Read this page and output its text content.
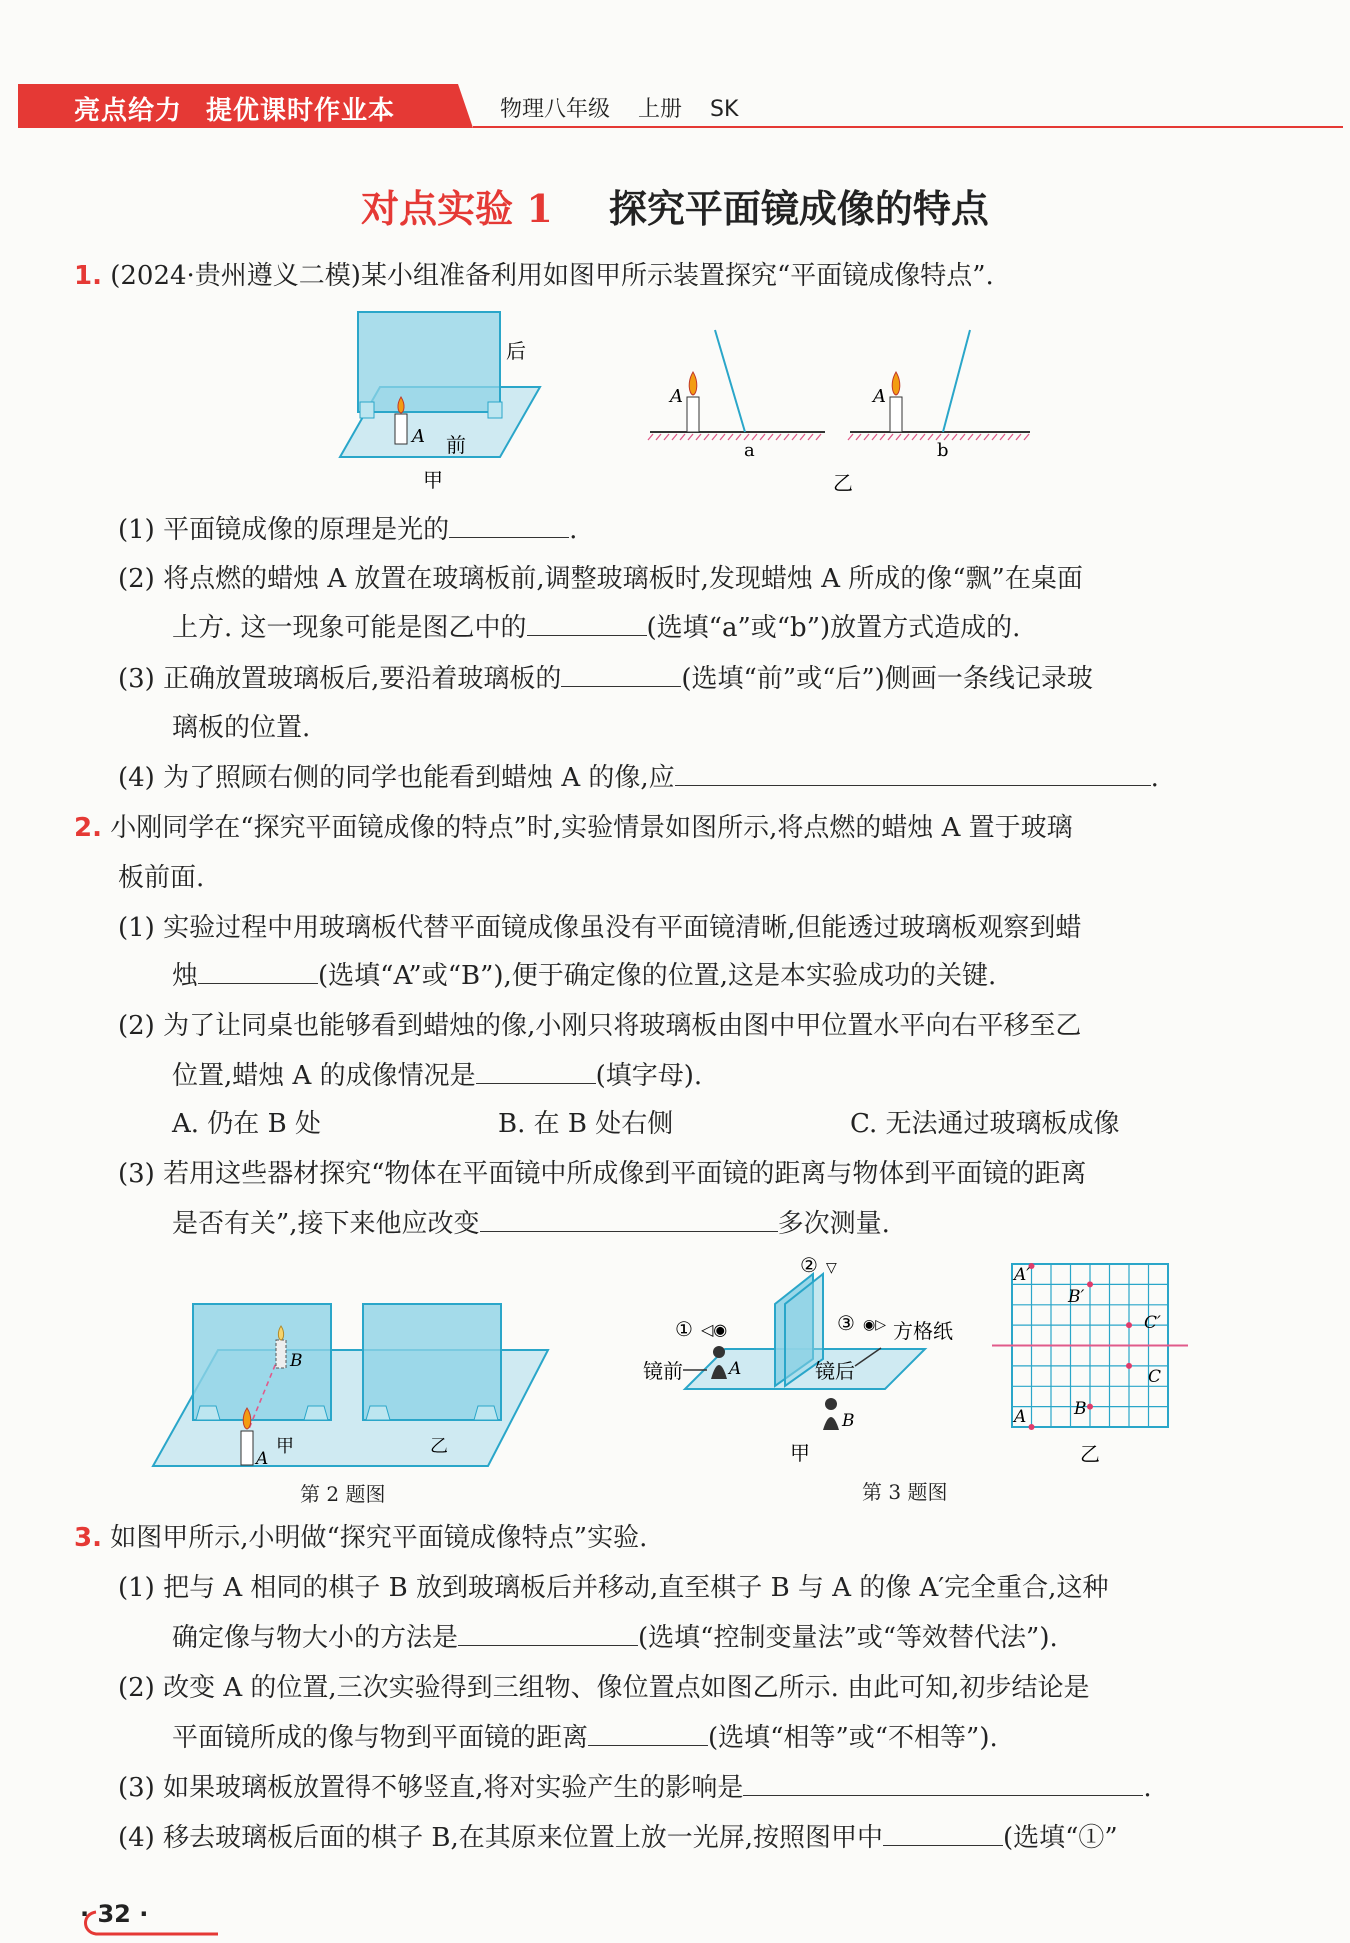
亮点给力 提优课时作业本	物理八年级 上册 SK
对点实验 1 探究平面镜成像的特点
1. (2024·贵州遵义二模)某小组准备利用如图甲所示装置探究“平面镜成像特点”.
A 前
后
甲
A	A
a	b
乙
(1) 平面镜成像的原理是光的	.
(2) 将点燃的蜡烛 A 放置在玻璃板前,调整玻璃板时,发现蜡烛 A 所成的像“飘”在桌面
上方. 这一现象可能是图乙中的	(选填“a”或“b”)放置方式造成的.
(3) 正确放置玻璃板后,要沿着玻璃板的	(选填“前”或“后”)侧画一条线记录玻
璃板的位置.
(4) 为了照顾右侧的同学也能看到蜡烛 A 的像,应	.
2. 小刚同学在“探究平面镜成像的特点”时,实验情景如图所示,将点燃的蜡烛 A 置于玻璃
板前面.
(1) 实验过程中用玻璃板代替平面镜成像虽没有平面镜清晰,但能透过玻璃板观察到蜡
烛	(选填“A”或“B”),便于确定像的位置,这是本实验成功的关键.
(2) 为了让同桌也能够看到蜡烛的像,小刚只将玻璃板由图中甲位置水平向右平移至乙
位置,蜡烛 A 的成像情况是	(填字母).
A. 仍在 B 处	B. 在 B 处右侧	C. 无法通过玻璃板成像
(3) 若用这些器材探究“物体在平面镜中所成像到平面镜的距离与物体到平面镜的距离
是否有关”,接下来他应改变	多次测量.
B
A
甲	乙
第 2 题图
① ◁◉
② ▽
③ ◉▷ 方格纸
镜前	A	镜后
B
甲
A′
B′
C′
C
A	B
乙
第 3 题图
3. 如图甲所示,小明做“探究平面镜成像特点”实验.
(1) 把与 A 相同的棋子 B 放到玻璃板后并移动,直至棋子 B 与 A 的像 A′完全重合,这种
确定像与物大小的方法是	(选填“控制变量法”或“等效替代法”).
(2) 改变 A 的位置,三次实验得到三组物、像位置点如图乙所示. 由此可知,初步结论是
平面镜所成的像与物到平面镜的距离	(选填“相等”或“不相等”).
(3) 如果玻璃板放置得不够竖直,将对实验产生的影响是	.
(4) 移去玻璃板后面的棋子 B,在其原来位置上放一光屏,按照图甲中	(选填“①”
· 32 ·
